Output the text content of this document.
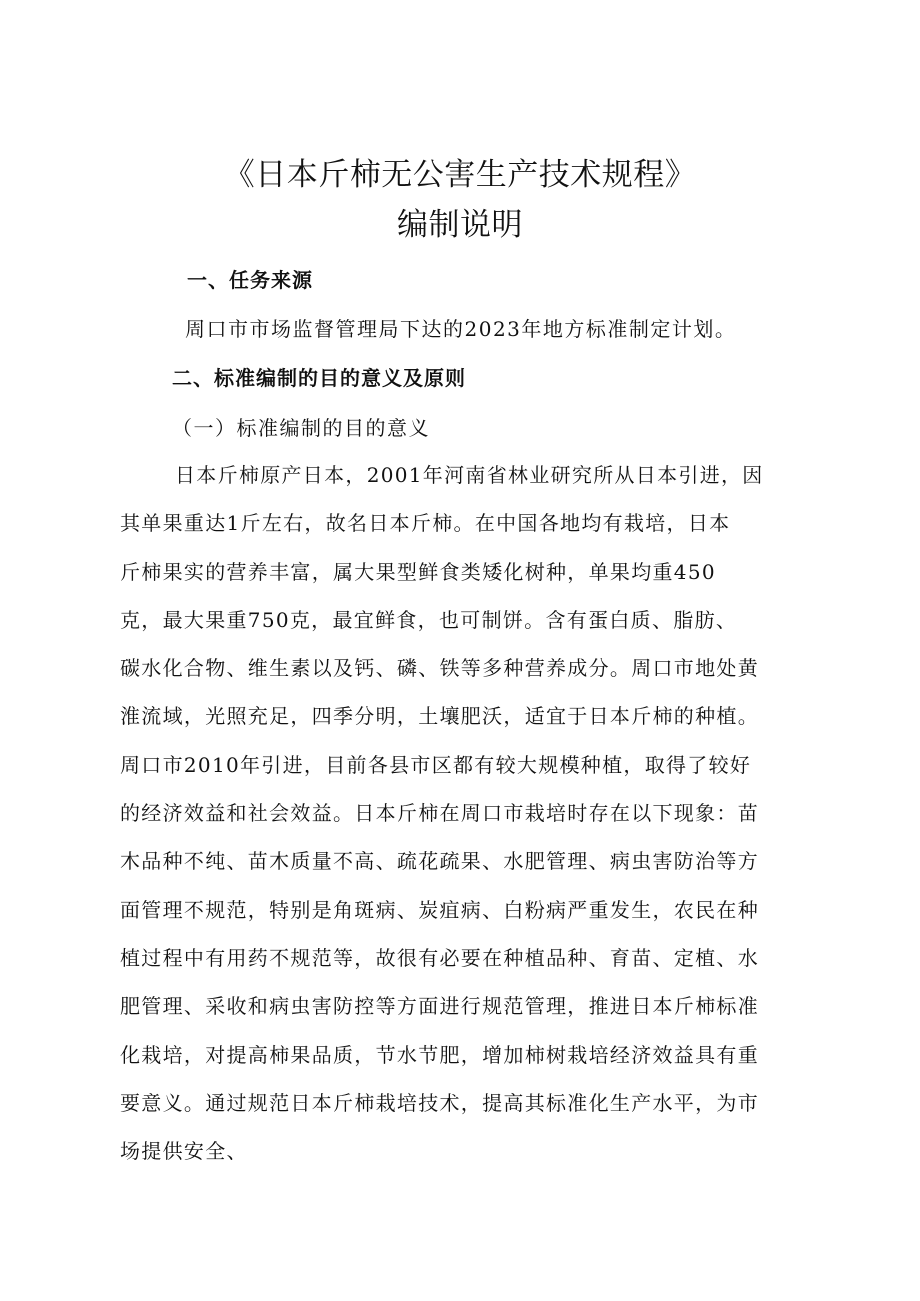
《日本斤柿无公害生产技术规程》
编制说明
一、任务来源
周口市市场监督管理局下达的2023年地方标准制定计划。
二、标准编制的目的意义及原则
（一）标准编制的目的意义
日本斤柿原产日本，2001年河南省林业研究所从日本引进，因
其单果重达1斤左右，故名日本斤柿。在中国各地均有栽培，日本
斤柿果实的营养丰富，属大果型鲜食类矮化树种，单果均重450
克，最大果重750克，最宜鲜食，也可制饼。含有蛋白质、脂肪、
碳水化合物、维生素以及钙、磷、铁等多种营养成分。周口市地处黄
淮流域，光照充足，四季分明，土壤肥沃，适宜于日本斤柿的种植。
周口市2010年引进，目前各县市区都有较大规模种植，取得了较好
的经济效益和社会效益。日本斤柿在周口市栽培时存在以下现象：苗
木品种不纯、苗木质量不高、疏花疏果、水肥管理、病虫害防治等方
面管理不规范，特别是角斑病、炭疽病、白粉病严重发生，农民在种
植过程中有用药不规范等，故很有必要在种植品种、育苗、定植、水
肥管理、采收和病虫害防控等方面进行规范管理，推进日本斤柿标准
化栽培，对提高柿果品质，节水节肥，增加柿树栽培经济效益具有重
要意义。通过规范日本斤柿栽培技术，提高其标准化生产水平，为市
场提供安全、
